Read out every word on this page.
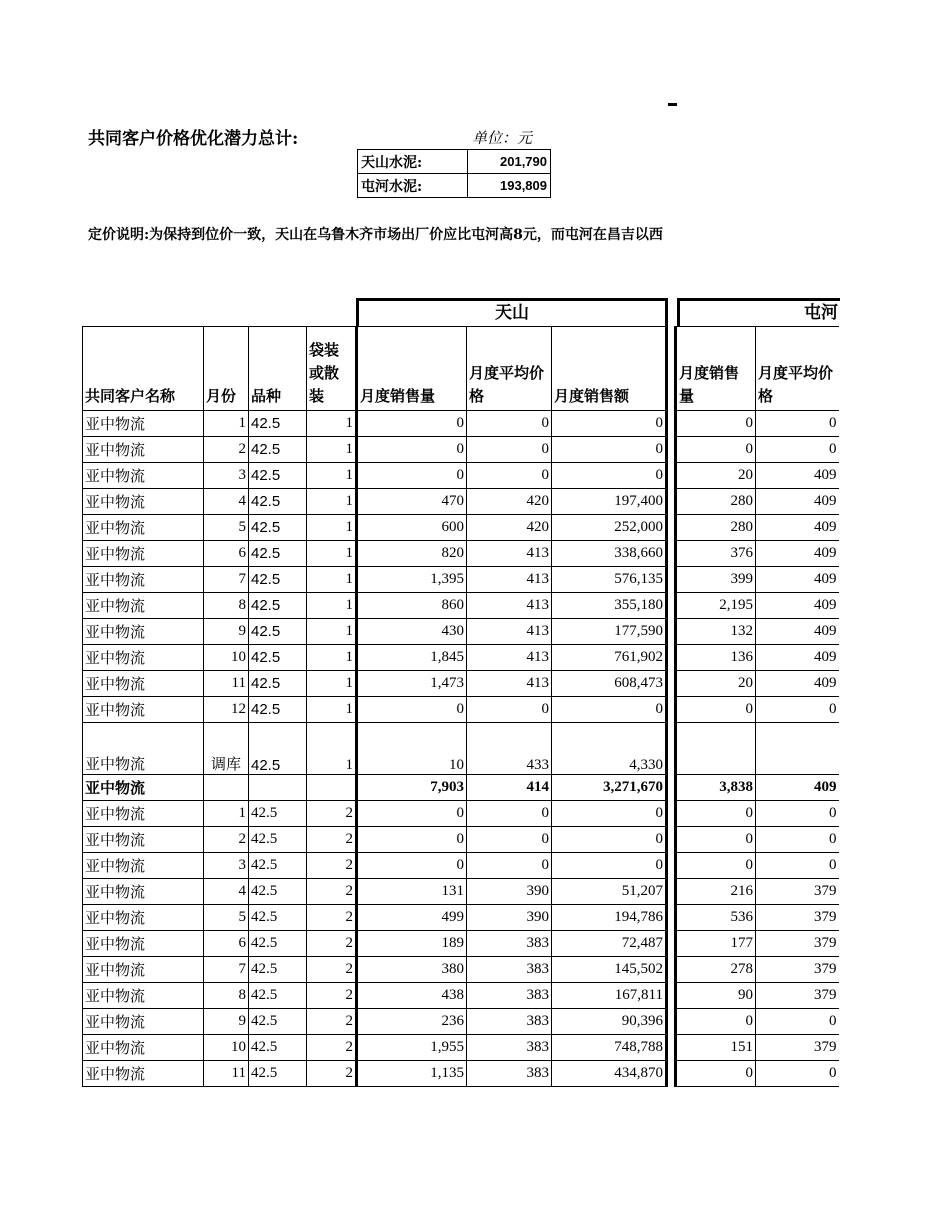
共同客户价格优化潜力总计:	单位：元
天山水泥:	201,790
屯河水泥:	193,809
定价说明:为保持到位价一致，天山在乌鲁木齐市场出厂价应比屯河高8元，而屯河在昌吉以西
天山	屯河
共同客户名称	月份	品种	袋装或散装	月度销售量	月度平均价格	月度销售额		月度销售量	月度平均价格
亚中物流	1	42.5	1	0	0	0		0	0
亚中物流	2	42.5	1	0	0	0		0	0
亚中物流	3	42.5	1	0	0	0		20	409
亚中物流	4	42.5	1	470	420	197,400		280	409
亚中物流	5	42.5	1	600	420	252,000		280	409
亚中物流	6	42.5	1	820	413	338,660		376	409
亚中物流	7	42.5	1	1,395	413	576,135		399	409
亚中物流	8	42.5	1	860	413	355,180		2,195	409
亚中物流	9	42.5	1	430	413	177,590		132	409
亚中物流	10	42.5	1	1,845	413	761,902		136	409
亚中物流	11	42.5	1	1,473	413	608,473		20	409
亚中物流	12	42.5	1	0	0	0		0	0
亚中物流	调库	42.5	1	10	433	4,330			
亚中物流				7,903	414	3,271,670		3,838	409
亚中物流	1	42.5	2	0	0	0		0	0
亚中物流	2	42.5	2	0	0	0		0	0
亚中物流	3	42.5	2	0	0	0		0	0
亚中物流	4	42.5	2	131	390	51,207		216	379
亚中物流	5	42.5	2	499	390	194,786		536	379
亚中物流	6	42.5	2	189	383	72,487		177	379
亚中物流	7	42.5	2	380	383	145,502		278	379
亚中物流	8	42.5	2	438	383	167,811		90	379
亚中物流	9	42.5	2	236	383	90,396		0	0
亚中物流	10	42.5	2	1,955	383	748,788		151	379
亚中物流	11	42.5	2	1,135	383	434,870		0	0
